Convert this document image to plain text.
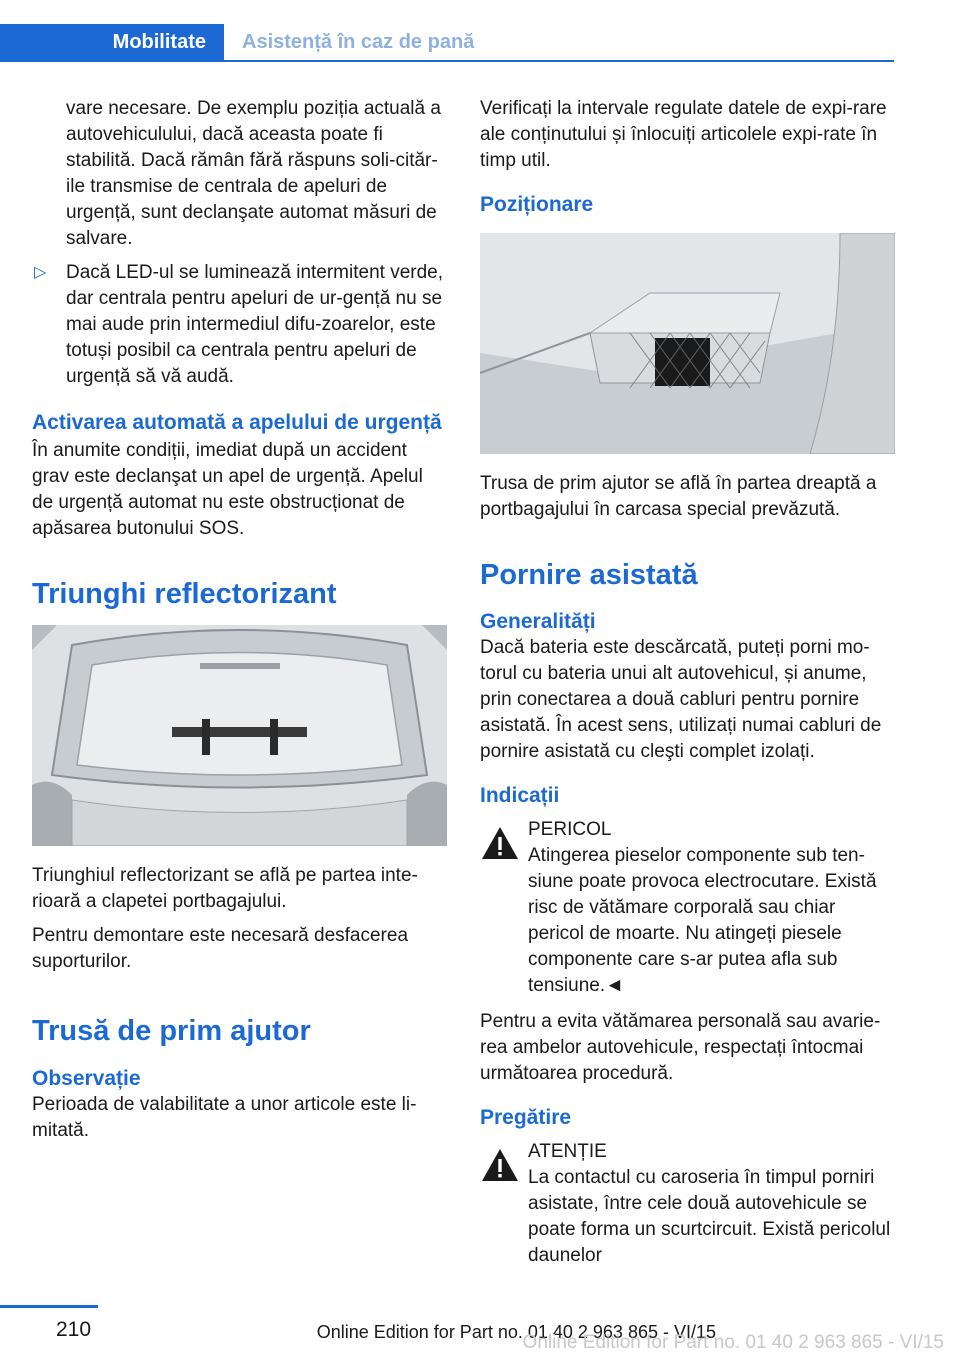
Mobilitate	Asistență în caz de pană

vare necesare. De exemplu poziția actuală a autovehiculului, dacă aceasta poate fi stabilită. Dacă rămân fără răspuns soli-citările transmise de centrala de apeluri de urgență, sunt declanşate automat măsuri de salvare.

▷ Dacă LED-ul se luminează intermitent verde, dar centrala pentru apeluri de ur-gență nu se mai aude prin intermediul difu-zoarelor, este totuși posibil ca centrala pentru apeluri de urgență să vă audă.
Activarea automată a apelului de urgență

În anumite condiții, imediat după un accident grav este declanşat un apel de urgență. Apelul de urgență automat nu este obstrucționat de apăsarea butonului SOS.

Triunghi reflectorizant

Triunghiul reflectorizant se află pe partea inte-rioară a clapetei portbagajului.

Pentru demontare este necesară desfacerea suporturilor.

Trusă de prim ajutor
Observație

Perioada de valabilitate a unor articole este li-mitată.

Verificați la intervale regulate datele de expi-rare ale conținutului și înlocuiți articolele expi-rate în timp util.

Poziționare

Trusa de prim ajutor se află în partea dreaptă a portbagajului în carcasa special prevăzută.

Pornire asistată
Generalități

Dacă bateria este descărcată, puteți porni mo-torul cu bateria unui alt autovehicul, și anume, prin conectarea a două cabluri pentru pornire asistată. În acest sens, utilizați numai cabluri de pornire asistată cu cleşti complet izolați.

Indicații
PERICOL
Atingerea pieselor componente sub ten-siune poate provoca electrocutare. Există risc de vătămare corporală sau chiar pericol de moarte. Nu atingeți piesele componente care s-ar putea afla sub tensiune.◄

Pentru a evita vătămarea personală sau avarie-rea ambelor autovehicule, respectați întocmai următoarea procedură.

Pregătire
ATENȚIE
La contactul cu caroseria în timpul porniri asistate, între cele două autovehicule se poate forma un scurtcircuit. Există pericolul daunelor
210	Online Edition for Part no. 01 40 2 963 865 - VI/15
Online Edition for Part no. 01 40 2 963 865 - VI/15
